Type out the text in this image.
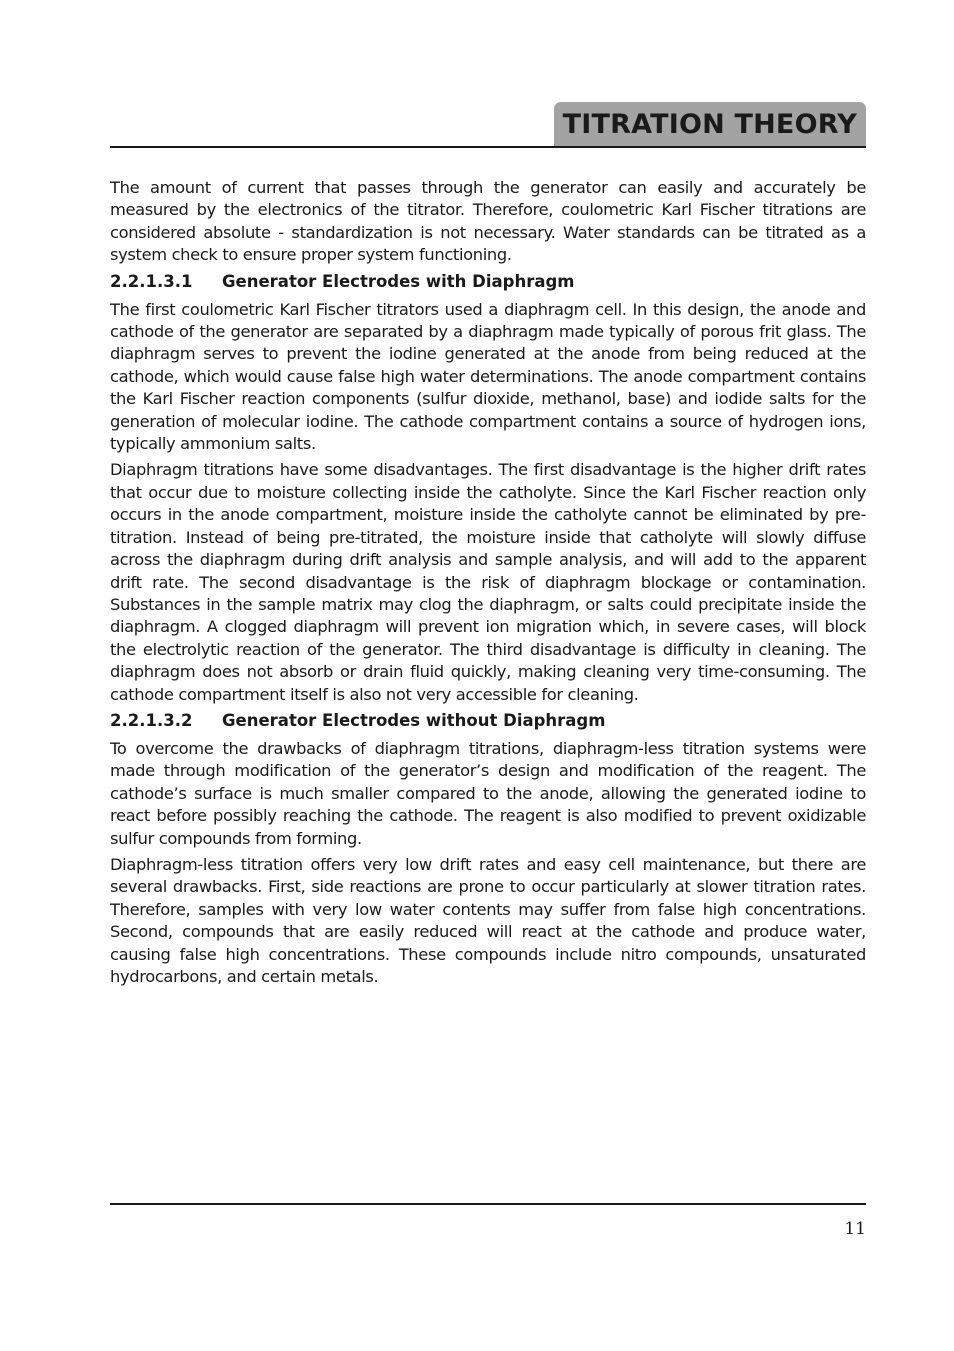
TITRATION THEORY

The amount of current that passes through the generator can easily and accurately be measured by the electronics of the titrator. Therefore, coulometric Karl Fischer titrations are considered absolute - standardization is not necessary. Water standards can be titrated as a system check to ensure proper system functioning.

2.2.1.3.1	Generator Electrodes with Diaphragm

The first coulometric Karl Fischer titrators used a diaphragm cell. In this design, the anode and cathode of the generator are separated by a diaphragm made typically of porous frit glass. The diaphragm serves to prevent the iodine generated at the anode from being reduced at the cathode, which would cause false high water determinations. The anode compartment contains the Karl Fischer reaction components (sulfur dioxide, methanol, base) and iodide salts for the generation of molecular iodine. The cathode compartment contains a source of hydrogen ions, typically ammonium salts.

Diaphragm titrations have some disadvantages. The first disadvantage is the higher drift rates that occur due to moisture collecting inside the catholyte. Since the Karl Fischer reaction only occurs in the anode compartment, moisture inside the catholyte cannot be eliminated by pre-titration. Instead of being pre-titrated, the moisture inside that catholyte will slowly diffuse across the diaphragm during drift analysis and sample analysis, and will add to the apparent drift rate. The second disadvantage is the risk of diaphragm blockage or contamination. Substances in the sample matrix may clog the diaphragm, or salts could precipitate inside the diaphragm. A clogged diaphragm will prevent ion migration which, in severe cases, will block the electrolytic reaction of the generator. The third disadvantage is difficulty in cleaning. The diaphragm does not absorb or drain fluid quickly, making cleaning very time-consuming. The cathode compartment itself is also not very accessible for cleaning.

2.2.1.3.2	Generator Electrodes without Diaphragm

To overcome the drawbacks of diaphragm titrations, diaphragm-less titration systems were made through modification of the generator’s design and modification of the reagent. The cathode’s surface is much smaller compared to the anode, allowing the generated iodine to react before possibly reaching the cathode. The reagent is also modified to prevent oxidizable sulfur compounds from forming.

Diaphragm-less titration offers very low drift rates and easy cell maintenance, but there are several drawbacks. First, side reactions are prone to occur particularly at slower titration rates. Therefore, samples with very low water contents may suffer from false high concentrations. Second, compounds that are easily reduced will react at the cathode and produce water, causing false high concentrations. These compounds include nitro compounds, unsaturated hydrocarbons, and certain metals.

11
